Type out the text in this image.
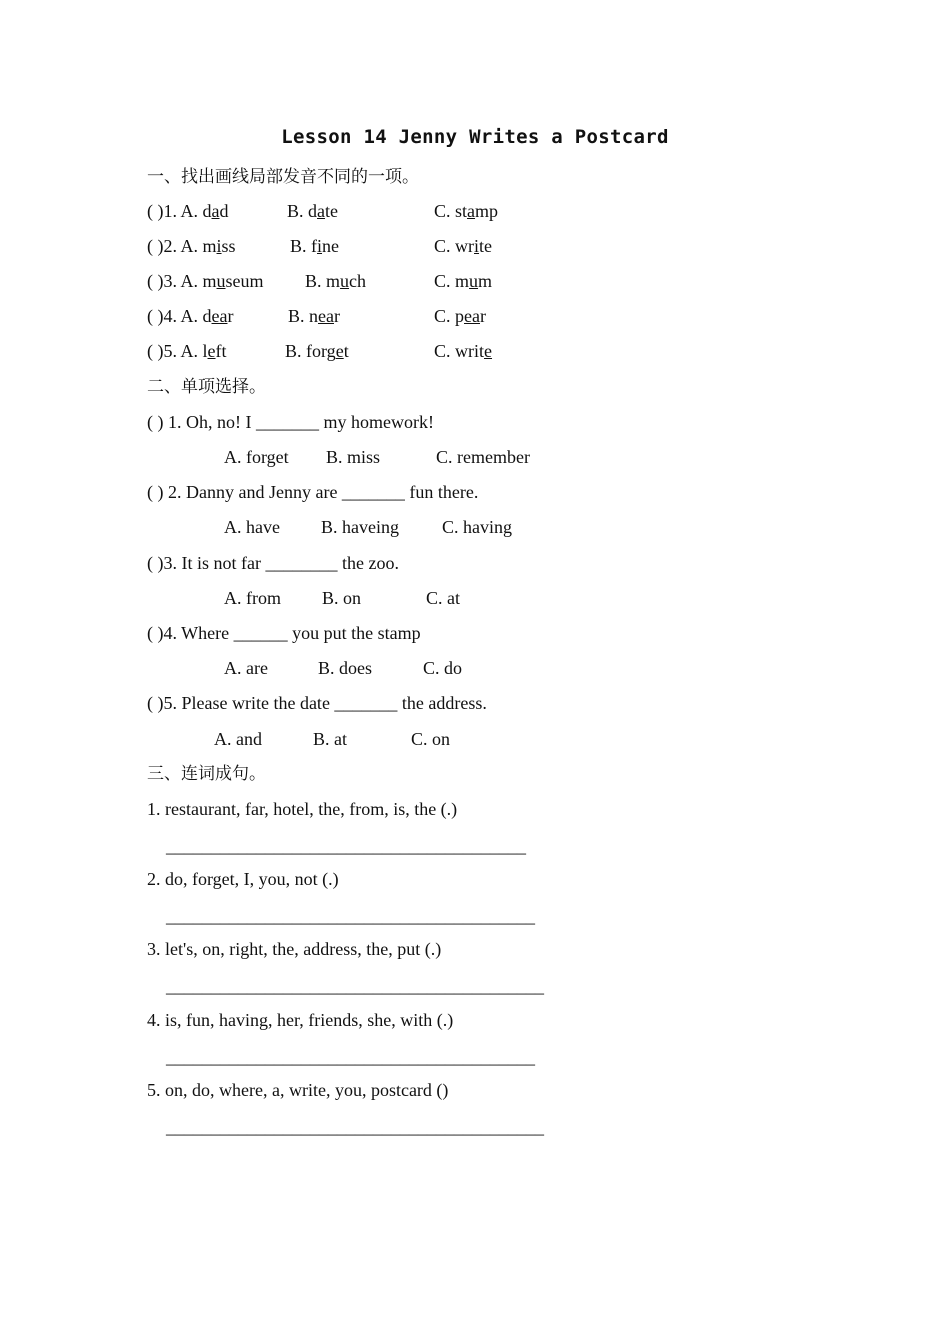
Lesson 14 Jenny Writes a Postcard
一、找出画线局部发音不同的一项。
( )1. A. dad	B. date	C. stamp
( )2. A. miss	B. fine	C. write
( )3. A. museum B. much	C. mum
( )4. A. dear	B. near	C. pear
( )5. A. left	B. forget	C. write
二、单项选择。
( ) 1. Oh, no! I _______ my homework!
A. forget B. miss	C. remember
( ) 2. Danny and Jenny are _______ fun there.
A. have B. haveing C. having
( )3. It is not far ________ the zoo.
A. from B. on	C. at
( )4. Where ______ you put the stamp
A. are	B. does	C. do
( )5. Please write the date _______ the address.
A. and	B. at	C. on
三、连词成句。
1. restaurant, far, hotel, the, from, is, the (.)
________________________________________
2. do, forget, I, you, not (.)
_________________________________________
3. let's, on, right, the, address, the, put (.)
__________________________________________
4. is, fun, having, her, friends, she, with (.)
_________________________________________
5. on, do, where, a, write, you, postcard ()
__________________________________________
